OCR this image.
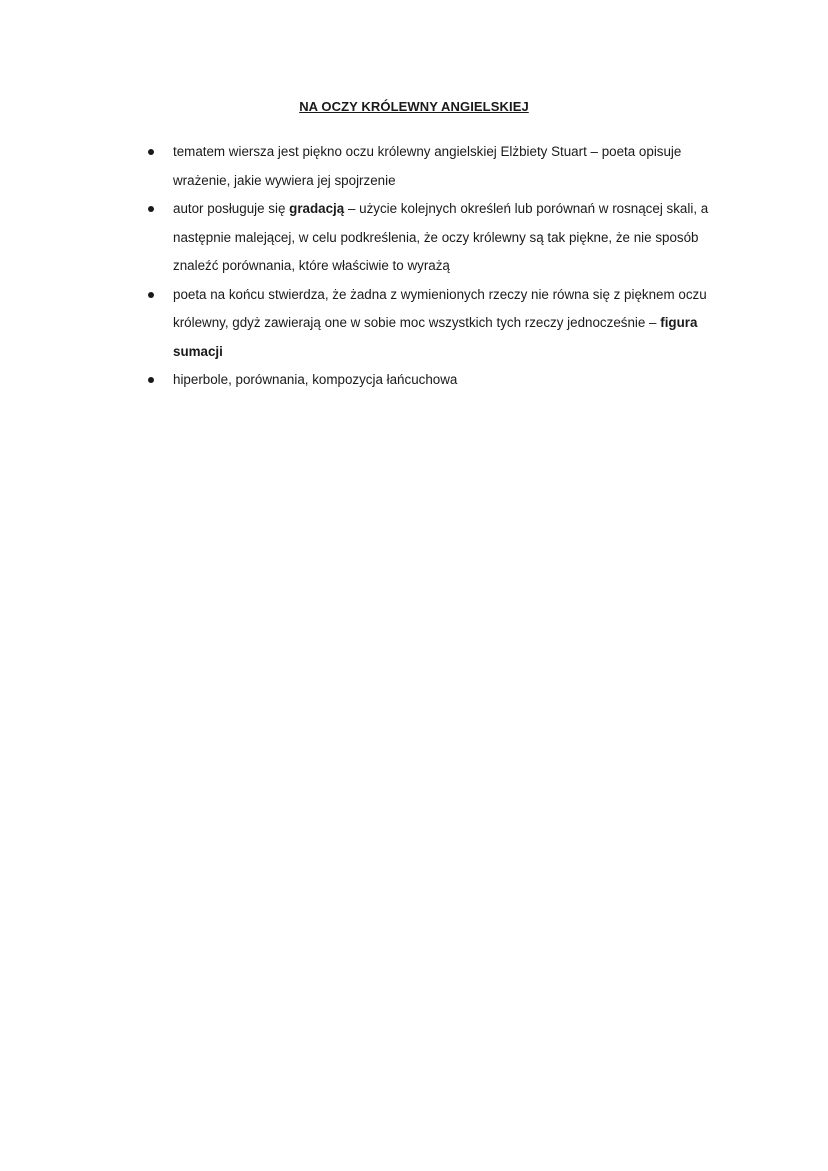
NA OCZY KRÓLEWNY ANGIELSKIEJ
tematem wiersza jest piękno oczu królewny angielskiej Elżbiety Stuart – poeta opisuje wrażenie, jakie wywiera jej spojrzenie
autor posługuje się gradacją – użycie kolejnych określeń lub porównań w rosnącej skali, a następnie malejącej, w celu podkreślenia, że oczy królewny są tak piękne, że nie sposób znaleźć porównania, które właściwie to wyrażą
poeta na końcu stwierdza, że żadna z wymienionych rzeczy nie równa się z pięknem oczu królewny, gdyż zawierają one w sobie moc wszystkich tych rzeczy jednocześnie – figura sumacji
hiperbole, porównania, kompozycja łańcuchowa
